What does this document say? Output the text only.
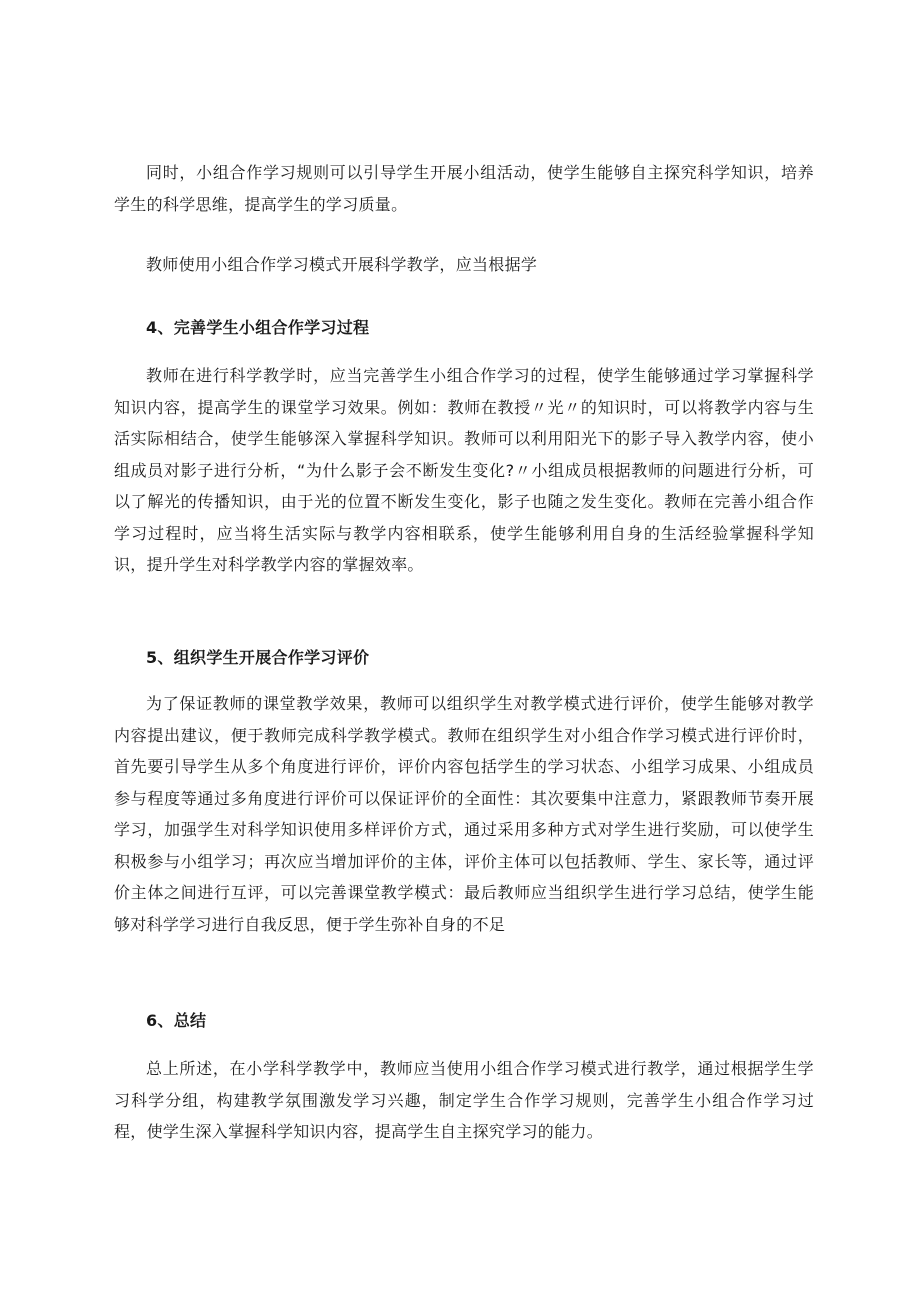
同时，小组合作学习规则可以引导学生开展小组活动，使学生能够自主探究科学知识，培养学生的科学思维，提高学生的学习质量。

教师使用小组合作学习模式开展科学教学，应当根据学

4、完善学生小组合作学习过程

教师在进行科学教学时，应当完善学生小组合作学习的过程，使学生能够通过学习掌握科学知识内容，提高学生的课堂学习效果。例如：教师在教授〃光〃的知识时，可以将教学内容与生活实际相结合，使学生能够深入掌握科学知识。教师可以利用阳光下的影子导入教学内容，使小组成员对影子进行分析，“为什么影子会不断发生变化?〃小组成员根据教师的问题进行分析，可以了解光的传播知识，由于光的位置不断发生变化，影子也随之发生变化。教师在完善小组合作学习过程时，应当将生活实际与教学内容相联系，使学生能够利用自身的生活经验掌握科学知识，提升学生对科学教学内容的掌握效率。

5、组织学生开展合作学习评价

为了保证教师的课堂教学效果，教师可以组织学生对教学模式进行评价，使学生能够对教学内容提出建议，便于教师完成科学教学模式。教师在组织学生对小组合作学习模式进行评价时，首先要引导学生从多个角度进行评价，评价内容包括学生的学习状态、小组学习成果、小组成员参与程度等通过多角度进行评价可以保证评价的全面性：其次要集中注意力，紧跟教师节奏开展学习，加强学生对科学知识使用多样评价方式，通过采用多种方式对学生进行奖励，可以使学生积极参与小组学习；再次应当增加评价的主体，评价主体可以包括教师、学生、家长等，通过评价主体之间进行互评，可以完善课堂教学模式：最后教师应当组织学生进行学习总结，使学生能够对科学学习进行自我反思，便于学生弥补自身的不足

6、总结

总上所述，在小学科学教学中，教师应当使用小组合作学习模式进行教学，通过根据学生学习科学分组，构建教学氛围激发学习兴趣，制定学生合作学习规则，完善学生小组合作学习过程，使学生深入掌握科学知识内容，提高学生自主探究学习的能力。
